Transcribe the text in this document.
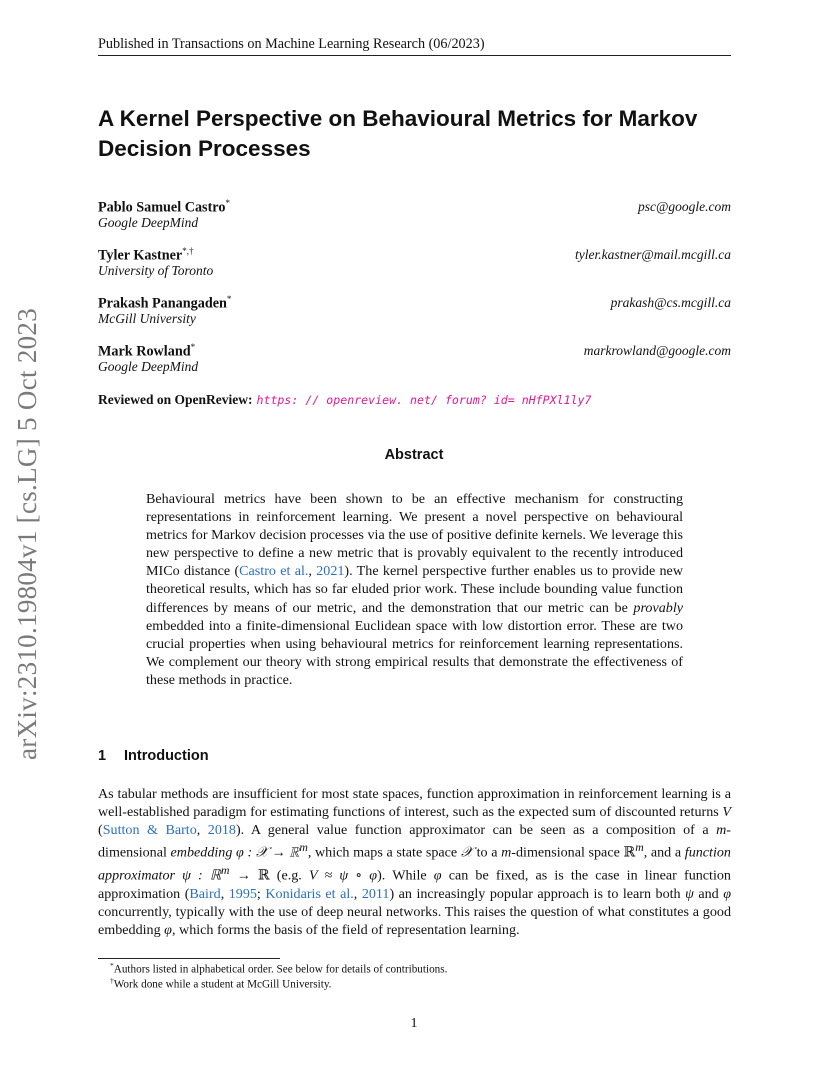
Published in Transactions on Machine Learning Research (06/2023)
A Kernel Perspective on Behavioural Metrics for Markov
Decision Processes
Pablo Samuel Castro*
Google DeepMind
psc@google.com
Tyler Kastner*,†
University of Toronto
tyler.kastner@mail.mcgill.ca
Prakash Panangaden*
McGill University
prakash@cs.mcgill.ca
Mark Rowland*
Google DeepMind
markrowland@google.com
Reviewed on OpenReview: https: // openreview. net/ forum? id= nHfPXl1ly7
Abstract

Behavioural metrics have been shown to be an effective mechanism for constructing representations in reinforcement learning. We present a novel perspective on behavioural metrics for Markov decision processes via the use of positive definite kernels. We leverage this new perspective to define a new metric that is provably equivalent to the recently introduced MICo distance (Castro et al., 2021). The kernel perspective further enables us to provide new theoretical results, which has so far eluded prior work. These include bounding value function differences by means of our metric, and the demonstration that our metric can be provably embedded into a finite-dimensional Euclidean space with low distortion error. These are two crucial properties when using behavioural metrics for reinforcement learning representations. We complement our theory with strong empirical results that demonstrate the effectiveness of these methods in practice.

1 Introduction
As tabular methods are insufficient for most state spaces, function approximation in reinforcement learning is a well-established paradigm for estimating functions of interest, such as the expected sum of discounted returns V (Sutton & Barto, 2018). A general value function approximator can be seen as a composition of a m-dimensional embedding φ : 𝒳 → ℝ$^m$, which maps a state space 𝒳 to a m-dimensional space ℝ$^m$, and a function approximator ψ : ℝ$^m$ → ℝ (e.g. V ≈ ψ ∘ φ). While φ can be fixed, as is the case in linear function approximation (Baird, 1995; Konidaris et al., 2011) an increasingly popular approach is to learn both ψ and φ concurrently, typically with the use of deep neural networks. This raises the question of what constitutes a good embedding φ, which forms the basis of the field of representation learning.
*Authors listed in alphabetical order. See below for details of contributions.
†Work done while a student at McGill University.
1
arXiv:2310.19804v1 [cs.LG] 5 Oct 2023
